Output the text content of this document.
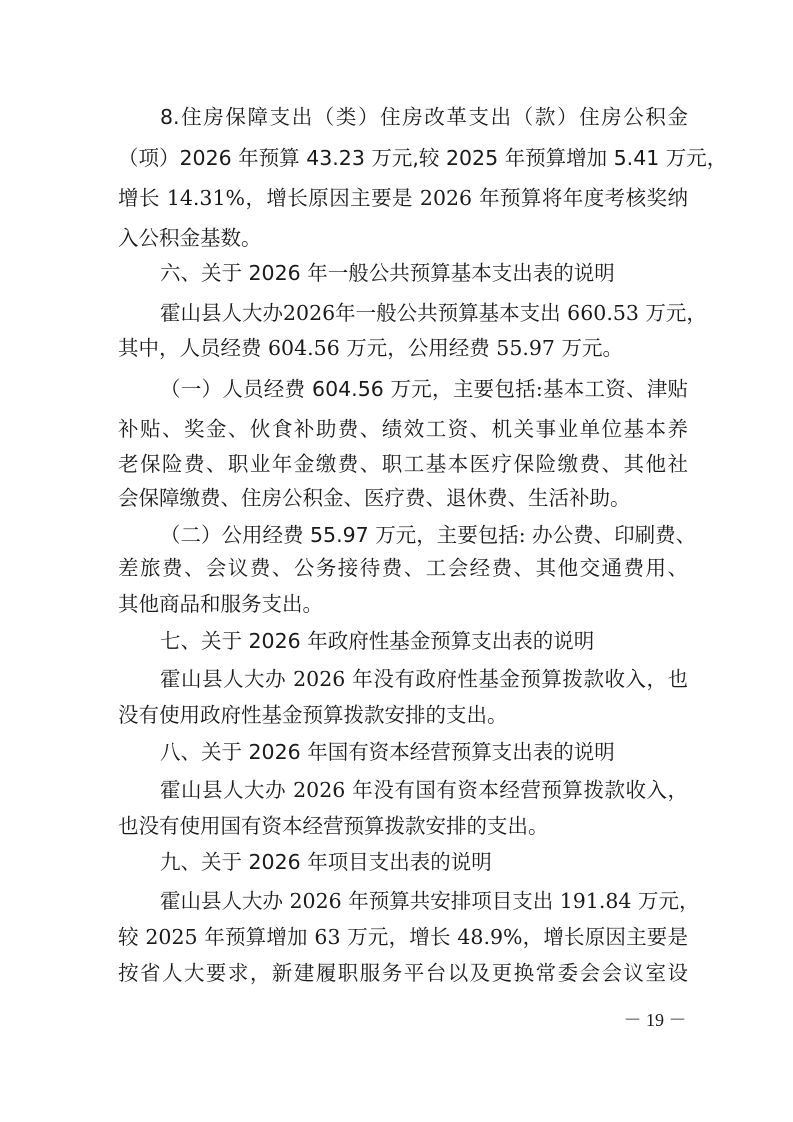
8.住房保障支出（类）住房改革支出（款）住房公积金
（项）2026 年预算 43.23 万元,较 2025 年预算增加 5.41 万元，
增长 14.31%，增长原因主要是 2026 年预算将年度考核奖纳
入公积金基数。
六、关于 2026 年一般公共预算基本支出表的说明
霍山县人大办2026年一般公共预算基本支出 660.53 万元，
其中，人员经费 604.56 万元，公用经费 55.97 万元。
（一）人员经费 604.56 万元，主要包括:基本工资、津贴
补贴、奖金、伙食补助费、绩效工资、机关事业单位基本养
老保险费、职业年金缴费、职工基本医疗保险缴费、其他社
会保障缴费、住房公积金、医疗费、退休费、生活补助。
（二）公用经费 55.97 万元，主要包括: 办公费、印刷费、
差旅费、会议费、公务接待费、工会经费、其他交通费用、
其他商品和服务支出。
七、关于 2026 年政府性基金预算支出表的说明
霍山县人大办 2026 年没有政府性基金预算拨款收入，也
没有使用政府性基金预算拨款安排的支出。
八、关于 2026 年国有资本经营预算支出表的说明
霍山县人大办 2026 年没有国有资本经营预算拨款收入，
也没有使用国有资本经营预算拨款安排的支出。
九、关于 2026 年项目支出表的说明
霍山县人大办 2026 年预算共安排项目支出 191.84 万元，
较 2025 年预算增加 63 万元，增长 48.9%，增长原因主要是
按省人大要求，新建履职服务平台以及更换常委会会议室设
－ 19 －
